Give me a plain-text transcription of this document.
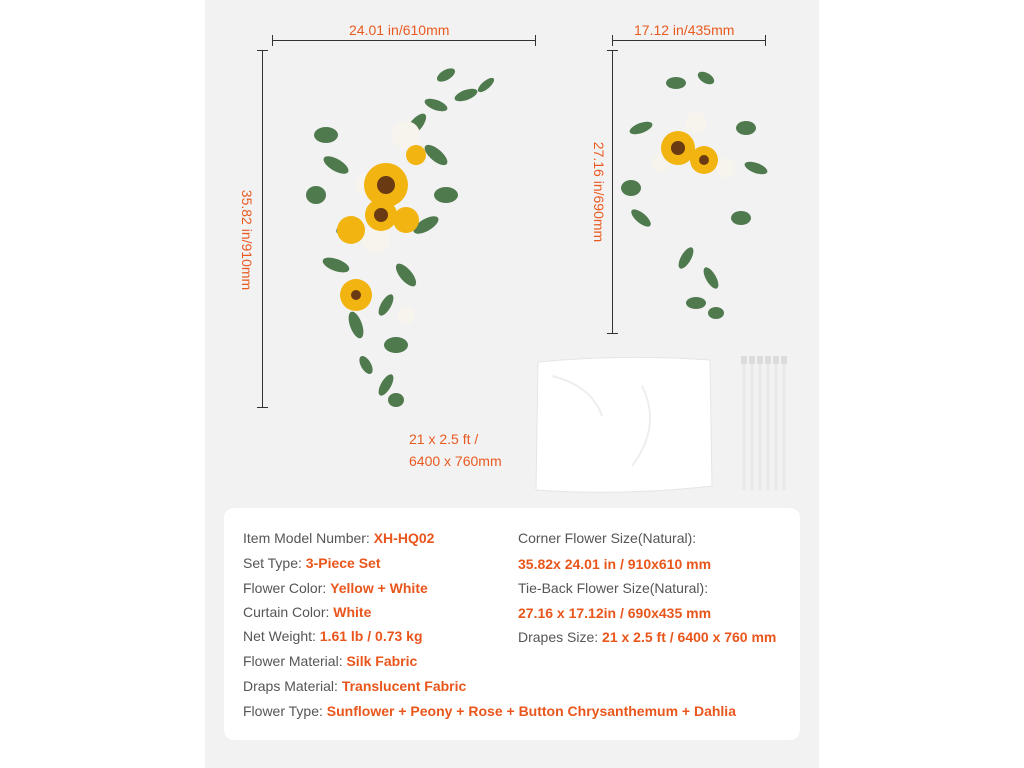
24.01 in/610mm
35.82 in/910mm
17.12 in/435mm
27.16 in/690mm
21 x 2.5 ft /
6400 x 760mm
Item Model Number: XH-HQ02
Set Type: 3-Piece Set
Flower Color: Yellow + White
Curtain Color: White
Net Weight: 1.61 lb / 0.73 kg
Flower Material: Silk Fabric
Draps Material: Translucent Fabric
Flower Type: Sunflower + Peony + Rose + Button Chrysanthemum + Dahlia
Corner Flower Size(Natural):
35.82x 24.01 in / 910x610 mm
Tie-Back Flower Size(Natural):
27.16 x 17.12in / 690x435 mm
Drapes Size: 21 x 2.5 ft / 6400 x 760 mm
